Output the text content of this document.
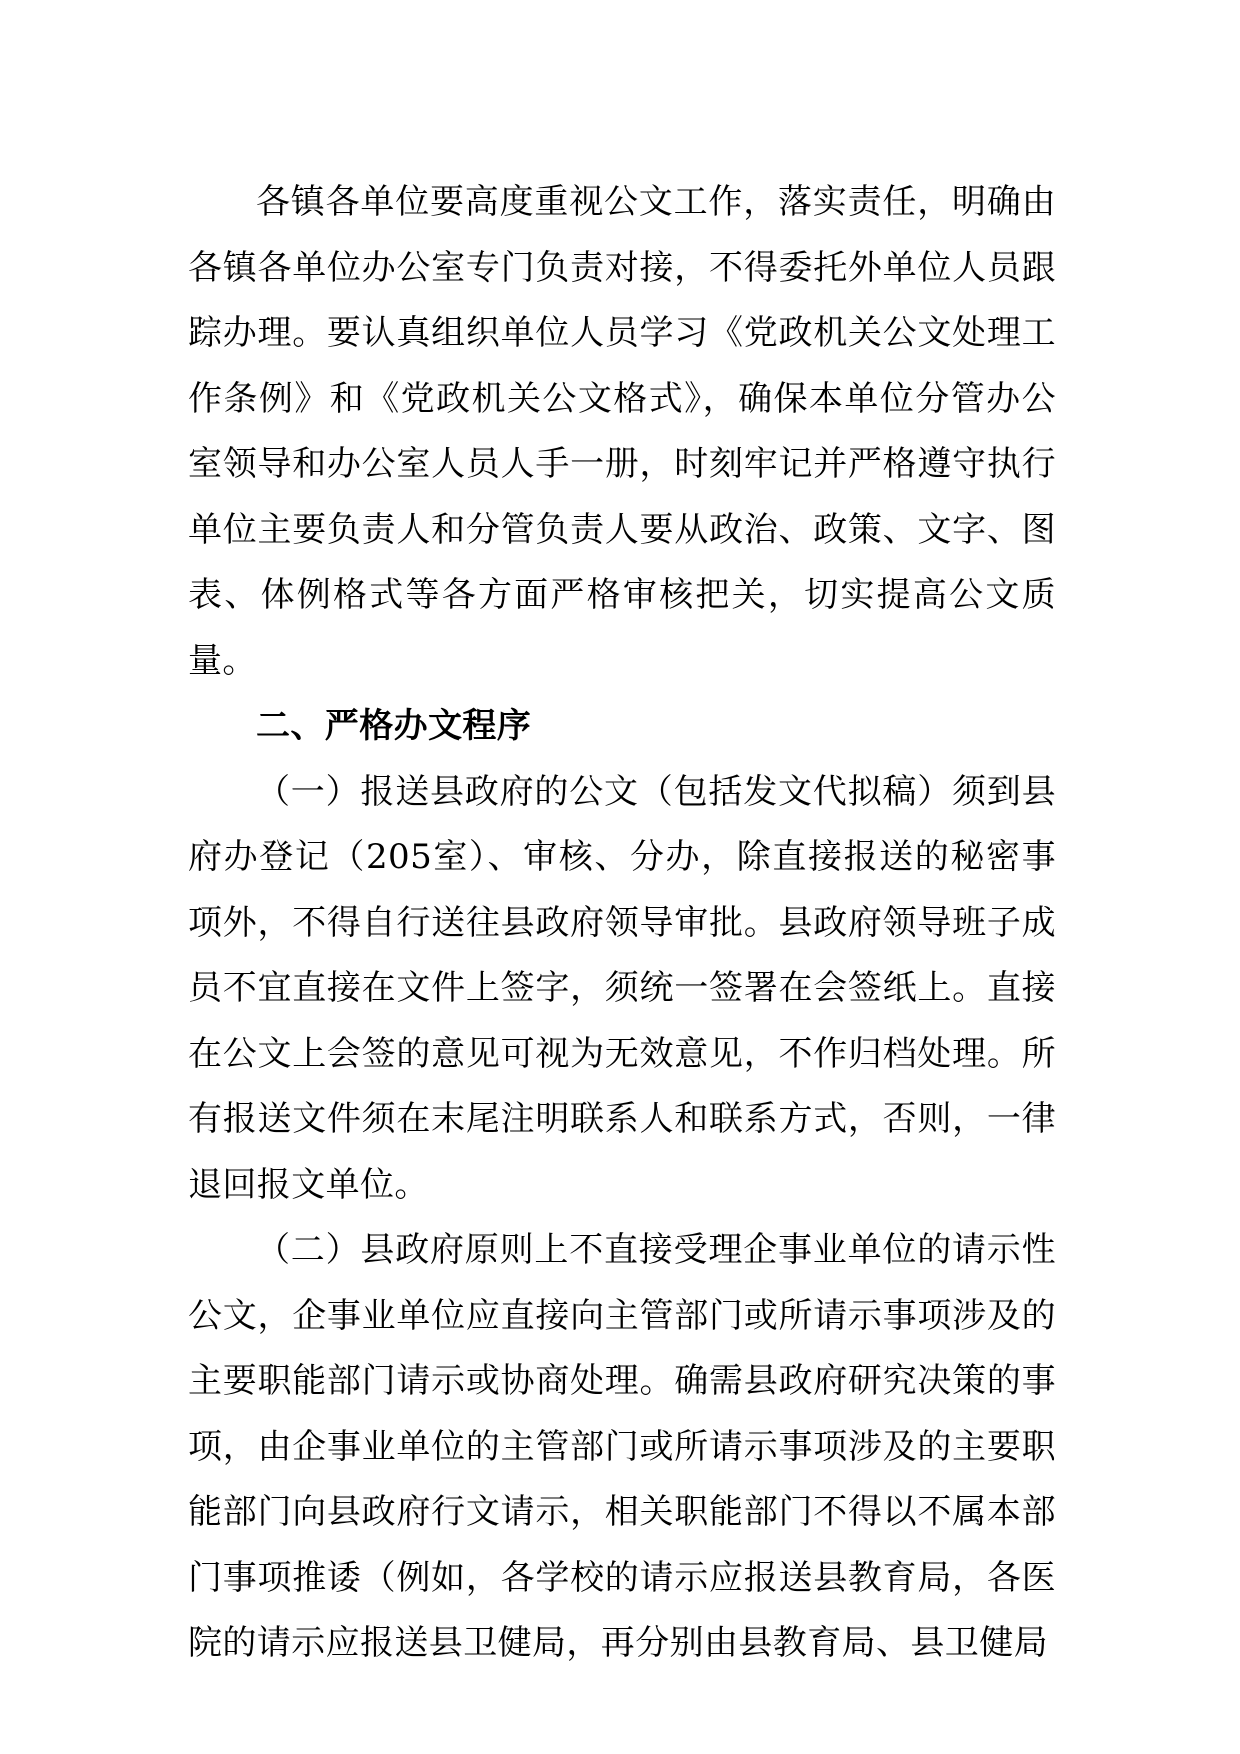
各镇各单位要高度重视公文工作，落实责任，明确由各镇各单位办公室专门负责对接，不得委托外单位人员跟踪办理。要认真组织单位人员学习《党政机关公文处理工作条例》和《党政机关公文格式》，确保本单位分管办公室领导和办公室人员人手一册，时刻牢记并严格遵守执行单位主要负责人和分管负责人要从政治、政策、文字、图表、体例格式等各方面严格审核把关，切实提高公文质量。

二、严格办文程序

（一）报送县政府的公文（包括发文代拟稿）须到县府办登记（205室）、审核、分办，除直接报送的秘密事项外，不得自行送往县政府领导审批。县政府领导班子成员不宜直接在文件上签字，须统一签署在会签纸上。直接在公文上会签的意见可视为无效意见，不作归档处理。所有报送文件须在末尾注明联系人和联系方式，否则，一律退回报文单位。

（二）县政府原则上不直接受理企事业单位的请示性公文，企事业单位应直接向主管部门或所请示事项涉及的主要职能部门请示或协商处理。确需县政府研究决策的事项，由企事业单位的主管部门或所请示事项涉及的主要职能部门向县政府行文请示，相关职能部门不得以不属本部门事项推诿（例如，各学校的请示应报送县教育局，各医院的请示应报送县卫健局，再分别由县教育局、县卫健局
